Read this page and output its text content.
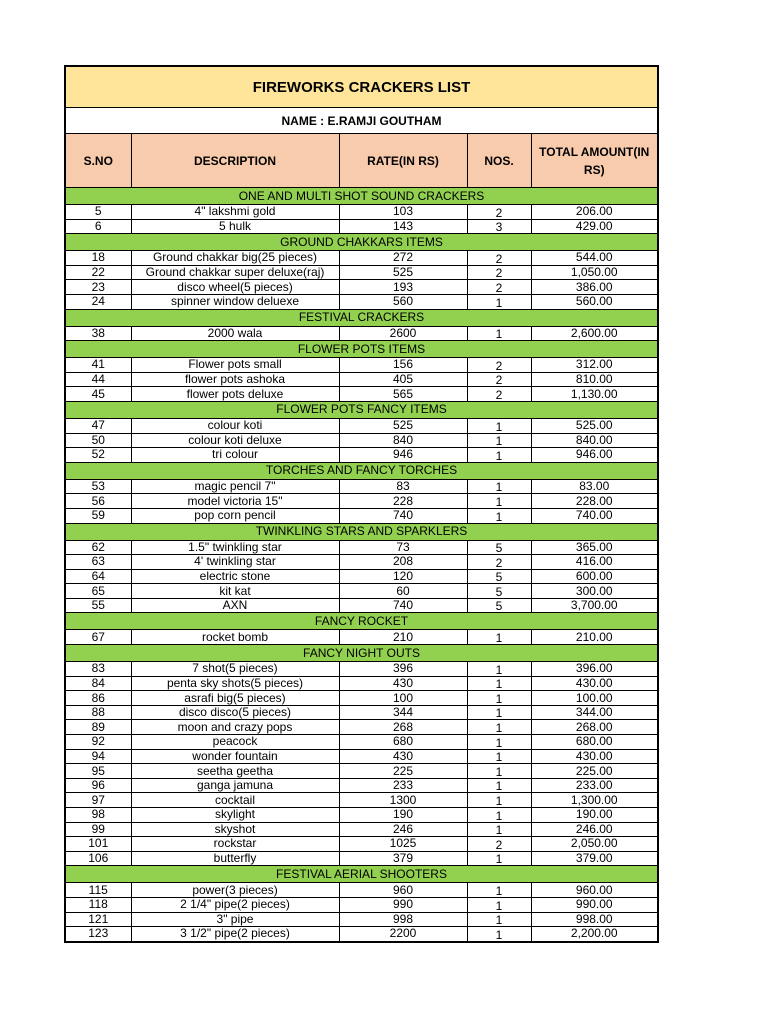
FIREWORKS CRACKERS LIST
NAME : E.RAMJI GOUTHAM
S.NO	DESCRIPTION	RATE(IN RS)	NOS.	TOTAL AMOUNT(IN RS)
ONE AND MULTI SHOT SOUND CRACKERS				
5	4" lakshmi gold	103	2	206.00
6	5 hulk	143	3	429.00
GROUND CHAKKARS ITEMS				
18	Ground chakkar big(25 pieces)	272	2	544.00
22	Ground chakkar super deluxe(raj)	525	2	1,050.00
23	disco wheel(5 pieces)	193	2	386.00
24	spinner window deluexe	560	1	560.00
FESTIVAL CRACKERS				
38	2000 wala	2600	1	2,600.00
FLOWER POTS ITEMS				
41	Flower pots small	156	2	312.00
44	flower pots ashoka	405	2	810.00
45	flower pots deluxe	565	2	1,130.00
FLOWER POTS FANCY ITEMS				
47	colour koti	525	1	525.00
50	colour koti deluxe	840	1	840.00
52	tri colour	946	1	946.00
TORCHES AND FANCY TORCHES				
53	magic pencil 7"	83	1	83.00
56	model victoria 15"	228	1	228.00
59	pop corn pencil	740	1	740.00
TWINKLING STARS AND SPARKLERS				
62	1.5" twinkling star	73	5	365.00
63	4' twinkling star	208	2	416.00
64	electric stone	120	5	600.00
65	kit kat	60	5	300.00
55	AXN	740	5	3,700.00
FANCY ROCKET				
67	rocket bomb	210	1	210.00
FANCY NIGHT OUTS				
83	7 shot(5 pieces)	396	1	396.00
84	penta sky shots(5 pieces)	430	1	430.00
86	asrafi big(5 pieces)	100	1	100.00
88	disco disco(5 pieces)	344	1	344.00
89	moon and crazy pops	268	1	268.00
92	peacock	680	1	680.00
94	wonder fountain	430	1	430.00
95	seetha geetha	225	1	225.00
96	ganga jamuna	233	1	233.00
97	cocktail	1300	1	1,300.00
98	skylight	190	1	190.00
99	skyshot	246	1	246.00
101	rockstar	1025	2	2,050.00
106	butterfly	379	1	379.00
FESTIVAL AERIAL SHOOTERS				
115	power(3 pieces)	960	1	960.00
118	2 1/4" pipe(2 pieces)	990	1	990.00
121	3" pipe	998	1	998.00
123	3 1/2" pipe(2 pieces)	2200	1	2,200.00
